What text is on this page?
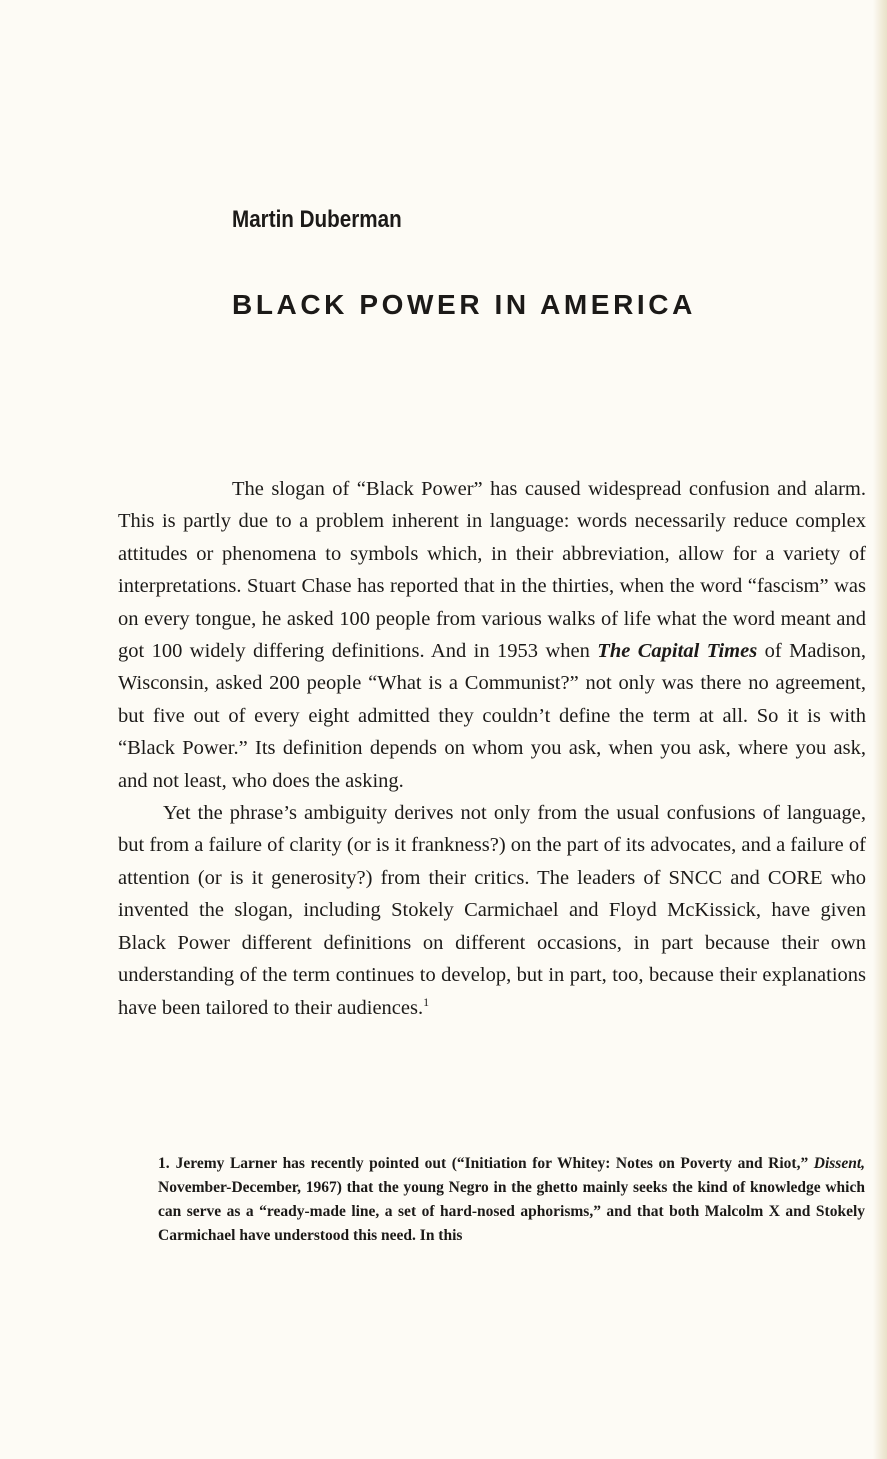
Martin Duberman
BLACK POWER IN AMERICA

The slogan of “Black Power” has caused widespread confusion and alarm. This is partly due to a problem inherent in language: words necessarily reduce complex attitudes or phenomena to symbols which, in their abbreviation, allow for a variety of interpretations. Stuart Chase has reported that in the thirties, when the word “fascism” was on every tongue, he asked 100 people from various walks of life what the word meant and got 100 widely differing definitions. And in 1953 when The Capital Times of Madison, Wisconsin, asked 200 people “What is a Communist?” not only was there no agreement, but five out of every eight admitted they couldn’t define the term at all. So it is with “Black Power.” Its definition depends on whom you ask, when you ask, where you ask, and not least, who does the asking.

Yet the phrase’s ambiguity derives not only from the usual confusions of language, but from a failure of clarity (or is it frankness?) on the part of its advocates, and a failure of attention (or is it generosity?) from their critics. The leaders of SNCC and CORE who invented the slogan, including Stokely Carmichael and Floyd McKissick, have given Black Power different definitions on different occasions, in part because their own understanding of the term continues to develop, but in part, too, because their explanations have been tailored to their audiences.$^1$

1. Jeremy Larner has recently pointed out (“Initiation for Whitey: Notes on Poverty and Riot,” Dissent, November-December, 1967) that the young Negro in the ghetto mainly seeks the kind of knowledge which can serve as a “ready-made line, a set of hard-nosed aphorisms,” and that both Malcolm X and Stokely Carmichael have understood this need. In this
